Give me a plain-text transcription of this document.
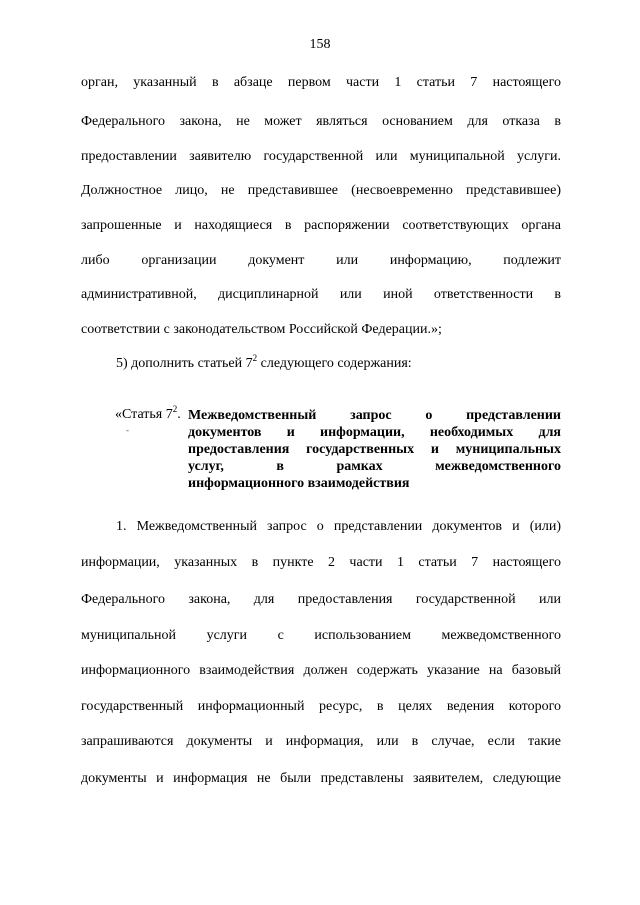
158
орган, указанный в абзаце первом части 1 статьи 7 настоящего
Федерального закона, не может являться основанием для отказа в
предоставлении заявителю государственной или муниципальной услуги.
Должностное лицо, не представившее (несвоевременно представившее)
запрошенные и находящиеся в распоряжении соответствующих органа
либо организации документ или информацию, подлежит
административной, дисциплинарной или иной ответственности в
соответствии с законодательством Российской Федерации.»;
5) дополнить статьей $7^2$ следующего содержания:
«Статья $7^2$.
-
Межведомственный запрос о представлении
документов и информации, необходимых для
предоставления государственных и муниципальных
услуг, в рамках межведомственного
информационного взаимодействия
1. Межведомственный запрос о представлении документов и (или)
информации, указанных в пункте 2 части 1 статьи 7 настоящего
Федерального закона, для предоставления государственной или
муниципальной услуги с использованием межведомственного
информационного взаимодействия должен содержать указание на базовый
государственный информационный ресурс, в целях ведения которого
запрашиваются документы и информация, или в случае, если такие
документы и информация не были представлены заявителем, следующие
